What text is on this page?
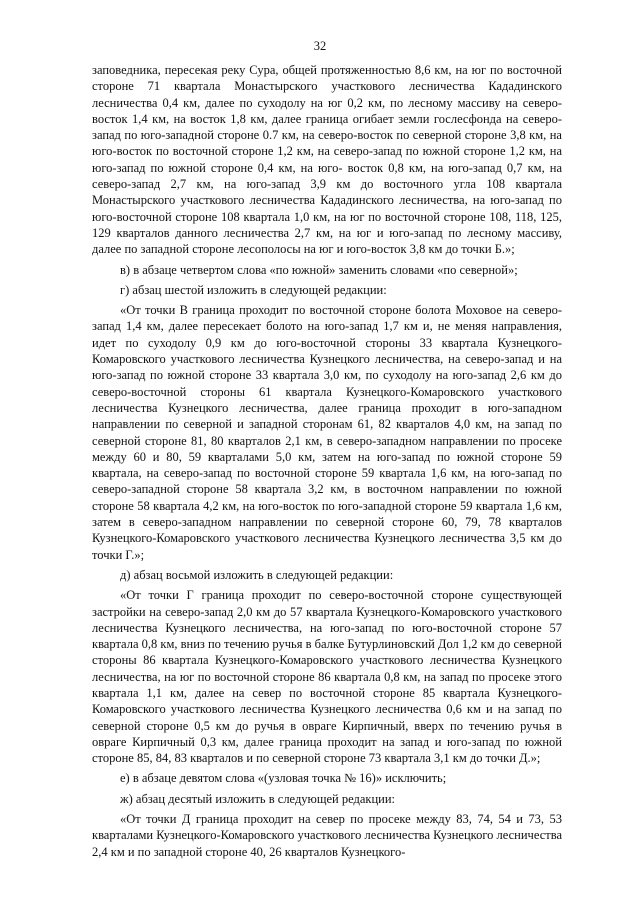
32

заповедника, пересекая реку Сура, общей протяженностью 8,6 км, на юг по восточной стороне 71 квартала Монастырского участкового лесничества Кададинского лесничества 0,4 км, далее по суходолу на юг 0,2 км, по лесному массиву на северо-восток 1,4 км, на восток 1,8 км, далее граница огибает земли гослесфонда на северо-запад по юго-западной стороне 0.7 км, на северо-восток по северной стороне 3,8 км, на юго-восток по восточной стороне 1,2 км, на северо-запад по южной стороне 1,2 км, на юго-запад по южной стороне 0,4 км, на юго- восток 0,8 км, на юго-запад 0,7 км, на северо-запад 2,7 км, на юго-запад 3,9 км до восточного угла 108 квартала Монастырского участкового лесничества Кададинского лесничества, на юго-запад по юго-восточной стороне 108 квартала 1,0 км, на юг по восточной стороне 108, 118, 125, 129 кварталов данного лесничества 2,7 км, на юг и юго-запад по лесному массиву, далее по западной стороне лесополосы на юг и юго-восток 3,8 км до точки Б.»;

в) в абзаце четвертом слова «по южной» заменить словами «по северной»;

г) абзац шестой изложить в следующей редакции:

«От точки В граница проходит по восточной стороне болота Моховое на северо-запад 1,4 км, далее пересекает болото на юго-запад 1,7 км и, не меняя направления, идет по суходолу 0,9 км до юго-восточной стороны 33 квартала Кузнецкого-Комаровского участкового лесничества Кузнецкого лесничества, на северо-запад и на юго-запад по южной стороне 33 квартала 3,0 км, по суходолу на юго-запад 2,6 км до северо-восточной стороны 61 квартала Кузнецкого-Комаровского участкового лесничества Кузнецкого лесничества, далее граница проходит в юго-западном направлении по северной и западной сторонам 61, 82 кварталов 4,0 км, на запад по северной стороне 81, 80 кварталов 2,1 км, в северо-западном направлении по просеке между 60 и 80, 59 кварталами 5,0 км, затем на юго-запад по южной стороне 59 квартала, на северо-запад по восточной стороне 59 квартала 1,6 км, на юго-запад по северо-западной стороне 58 квартала 3,2 км, в восточном направлении по южной стороне 58 квартала 4,2 км, на юго-восток по юго-западной стороне 59 квартала 1,6 км, затем в северо-западном направлении по северной стороне 60, 79, 78 кварталов Кузнецкого-Комаровского участкового лесничества Кузнецкого лесничества 3,5 км до точки Г.»;

д) абзац восьмой изложить в следующей редакции:

«От точки Г граница проходит по северо-восточной стороне существующей застройки на северо-запад 2,0 км до 57 квартала Кузнецкого-Комаровского участкового лесничества Кузнецкого лесничества, на юго-запад по юго-восточной стороне 57 квартала 0,8 км, вниз по течению ручья в балке Бутурлиновский Дол 1,2 км до северной стороны 86 квартала Кузнецкого-Комаровского участкового лесничества Кузнецкого лесничества, на юг по восточной стороне 86 квартала 0,8 км, на запад по просеке этого квартала 1,1 км, далее на север по восточной стороне 85 квартала Кузнецкого-Комаровского участкового лесничества Кузнецкого лесничества 0,6 км и на запад по северной стороне 0,5 км до ручья в овраге Кирпичный, вверх по течению ручья в овраге Кирпичный 0,3 км, далее граница проходит на запад и юго-запад по южной стороне 85, 84, 83 кварталов и по северной стороне 73 квартала 3,1 км до точки Д.»;

е) в абзаце девятом слова «(узловая точка № 16)» исключить;

ж) абзац десятый изложить в следующей редакции:

«От точки Д граница проходит на север по просеке между 83, 74, 54 и 73, 53 кварталами Кузнецкого-Комаровского участкового лесничества Кузнецкого лесничества 2,4 км и по западной стороне 40, 26 кварталов Кузнецкого-
